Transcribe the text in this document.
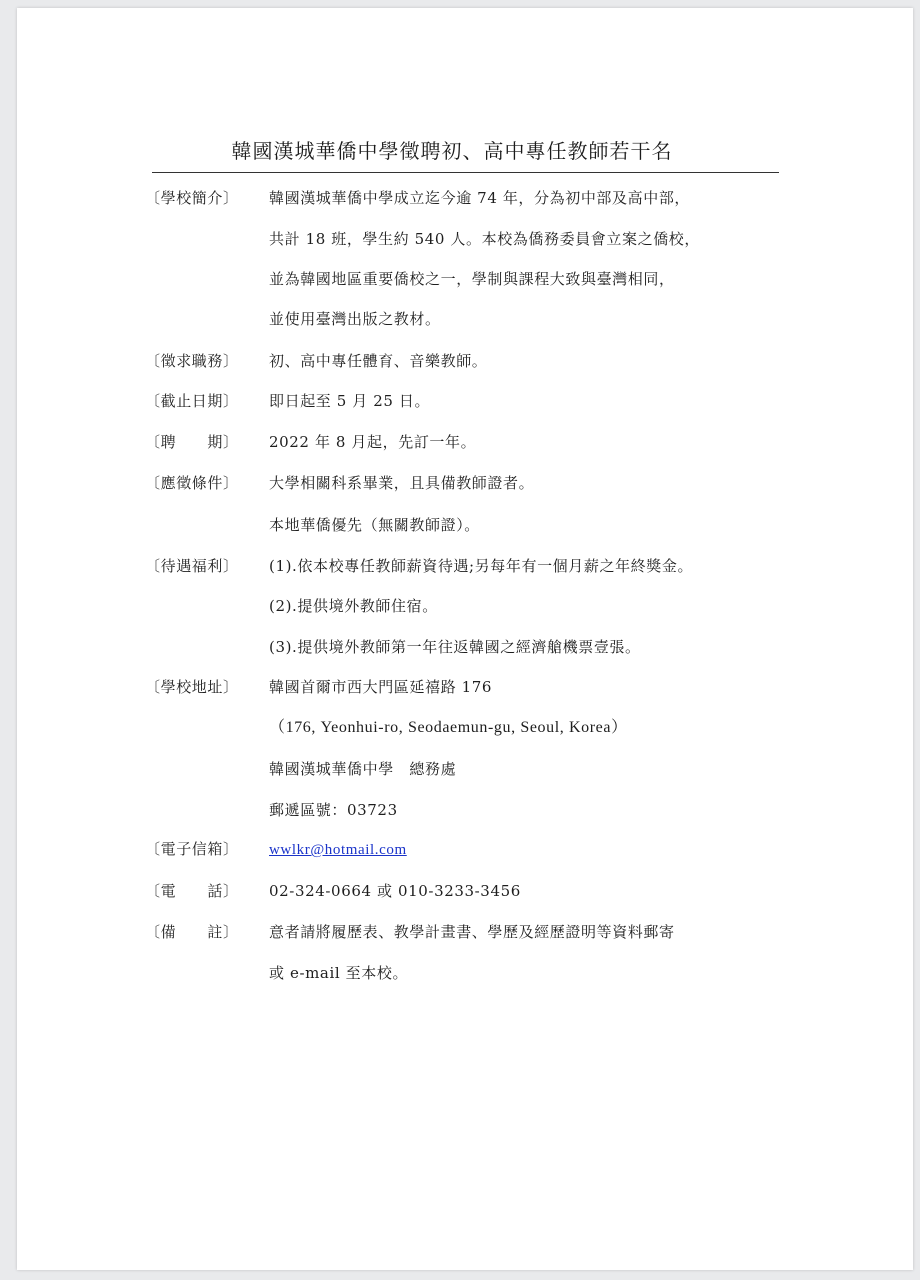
韓國漢城華僑中學徵聘初、高中專任教師若干名
〔學校簡介〕 韓國漢城華僑中學成立迄今逾 74 年，分為初中部及高中部，
共計 18 班，學生約 540 人。本校為僑務委員會立案之僑校，
並為韓國地區重要僑校之一，學制與課程大致與臺灣相同，
並使用臺灣出版之教材。
〔徵求職務〕 初、高中專任體育、音樂教師。
〔截止日期〕 即日起至 5 月 25 日。
〔聘　　期〕 2022 年 8 月起，先訂一年。
〔應徵條件〕 大學相關科系畢業，且具備教師證者。
本地華僑優先（無關教師證）。
〔待遇福利〕 (1).依本校專任教師薪資待遇;另每年有一個月薪之年終獎金。
(2).提供境外教師住宿。
(3).提供境外教師第一年往返韓國之經濟艙機票壹張。
〔學校地址〕 韓國首爾市西大門區延禧路 176
（176, Yeonhui-ro, Seodaemun-gu, Seoul, Korea）
韓國漢城華僑中學　總務處
郵遞區號：03723
〔電子信箱〕 wwlkr@hotmail.com
〔電　　話〕 02-324-0664 或 010-3233-3456
〔備　　註〕 意者請將履歷表、教學計畫書、學歷及經歷證明等資料郵寄
或 e-mail 至本校。
